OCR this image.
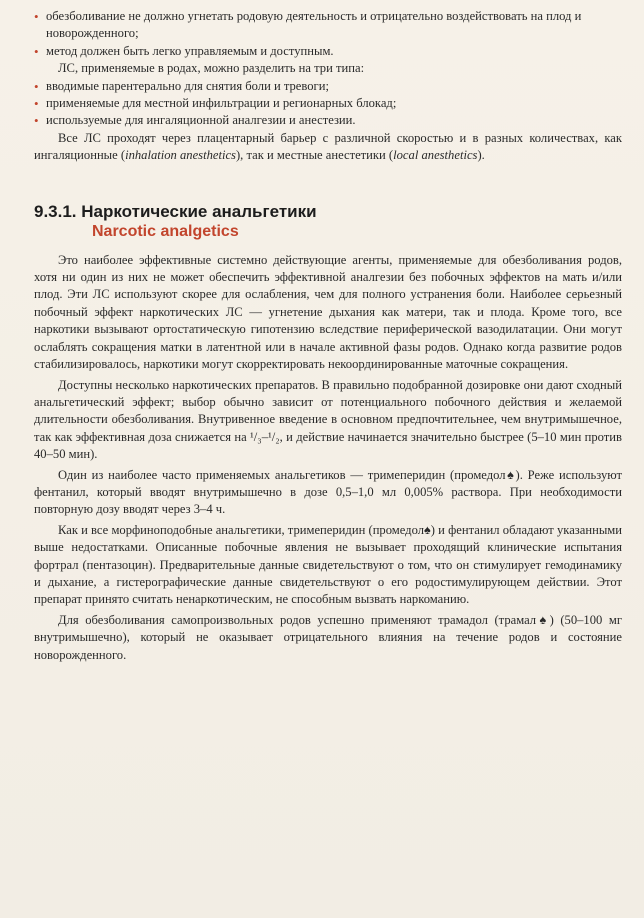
• обезболивание не должно угнетать родовую деятельность и отрицательно воздействовать на плод и новорожденного;
• метод должен быть легко управляемым и доступным.

ЛС, применяемые в родах, можно разделить на три типа:

• вводимые парентерально для снятия боли и тревоги;
• применяемые для местной инфильтрации и регионарных блокад;
• используемые для ингаляционной аналгезии и анестезии.

Все ЛС проходят через плацентарный барьер с различной скоростью и в разных количествах, как ингаляционные (inhalation anesthetics), так и местные анестетики (local anesthetics).

9.3.1. Наркотические анальгетики
Narcotic analgetics

Это наиболее эффективные системно действующие агенты, применяемые для обезболивания родов, хотя ни один из них не может обеспечить эффективной аналгезии без побочных эффектов на мать и/или плод. Эти ЛС используют скорее для ослабления, чем для полного устранения боли. Наиболее серьезный побочный эффект наркотических ЛС — угнетение дыхания как матери, так и плода. Кроме того, все наркотики вызывают ортостатическую гипотензию вследствие периферической вазодилатации. Они могут ослаблять сокращения матки в латентной или в начале активной фазы родов. Однако когда развитие родов стабилизировалось, наркотики могут скорректировать некоординированные маточные сокращения.

Доступны несколько наркотических препаратов. В правильно подобранной дозировке они дают сходный анальгетический эффект; выбор обычно зависит от потенциального побочного действия и желаемой длительности обезболивания. Внутривенное введение в основном предпочтительнее, чем внутримышечное, так как эффективная доза снижается на ¹/₃–¹/₂, и действие начинается значительно быстрее (5–10 мин против 40–50 мин).

Один из наиболее часто применяемых анальгетиков — тримеперидин (промедол♠). Реже используют фентанил, который вводят внутримышечно в дозе 0,5–1,0 мл 0,005% раствора. При необходимости повторную дозу вводят через 3–4 ч.

Как и все морфиноподобные анальгетики, тримеперидин (промедол♠) и фентанил обладают указанными выше недостатками. Описанные побочные явления не вызывает проходящий клинические испытания фортрал (пентазоцин). Предварительные данные свидетельствуют о том, что он стимулирует гемодинамику и дыхание, а гистерографические данные свидетельствуют о его родостимулирующем действии. Этот препарат принято считать ненаркотическим, не способным вызвать наркоманию.

Для обезболивания самопроизвольных родов успешно применяют трамадол (трамал♠) (50–100 мг внутримышечно), который не оказывает отрицательного влияния на течение родов и состояние новорожденного.
